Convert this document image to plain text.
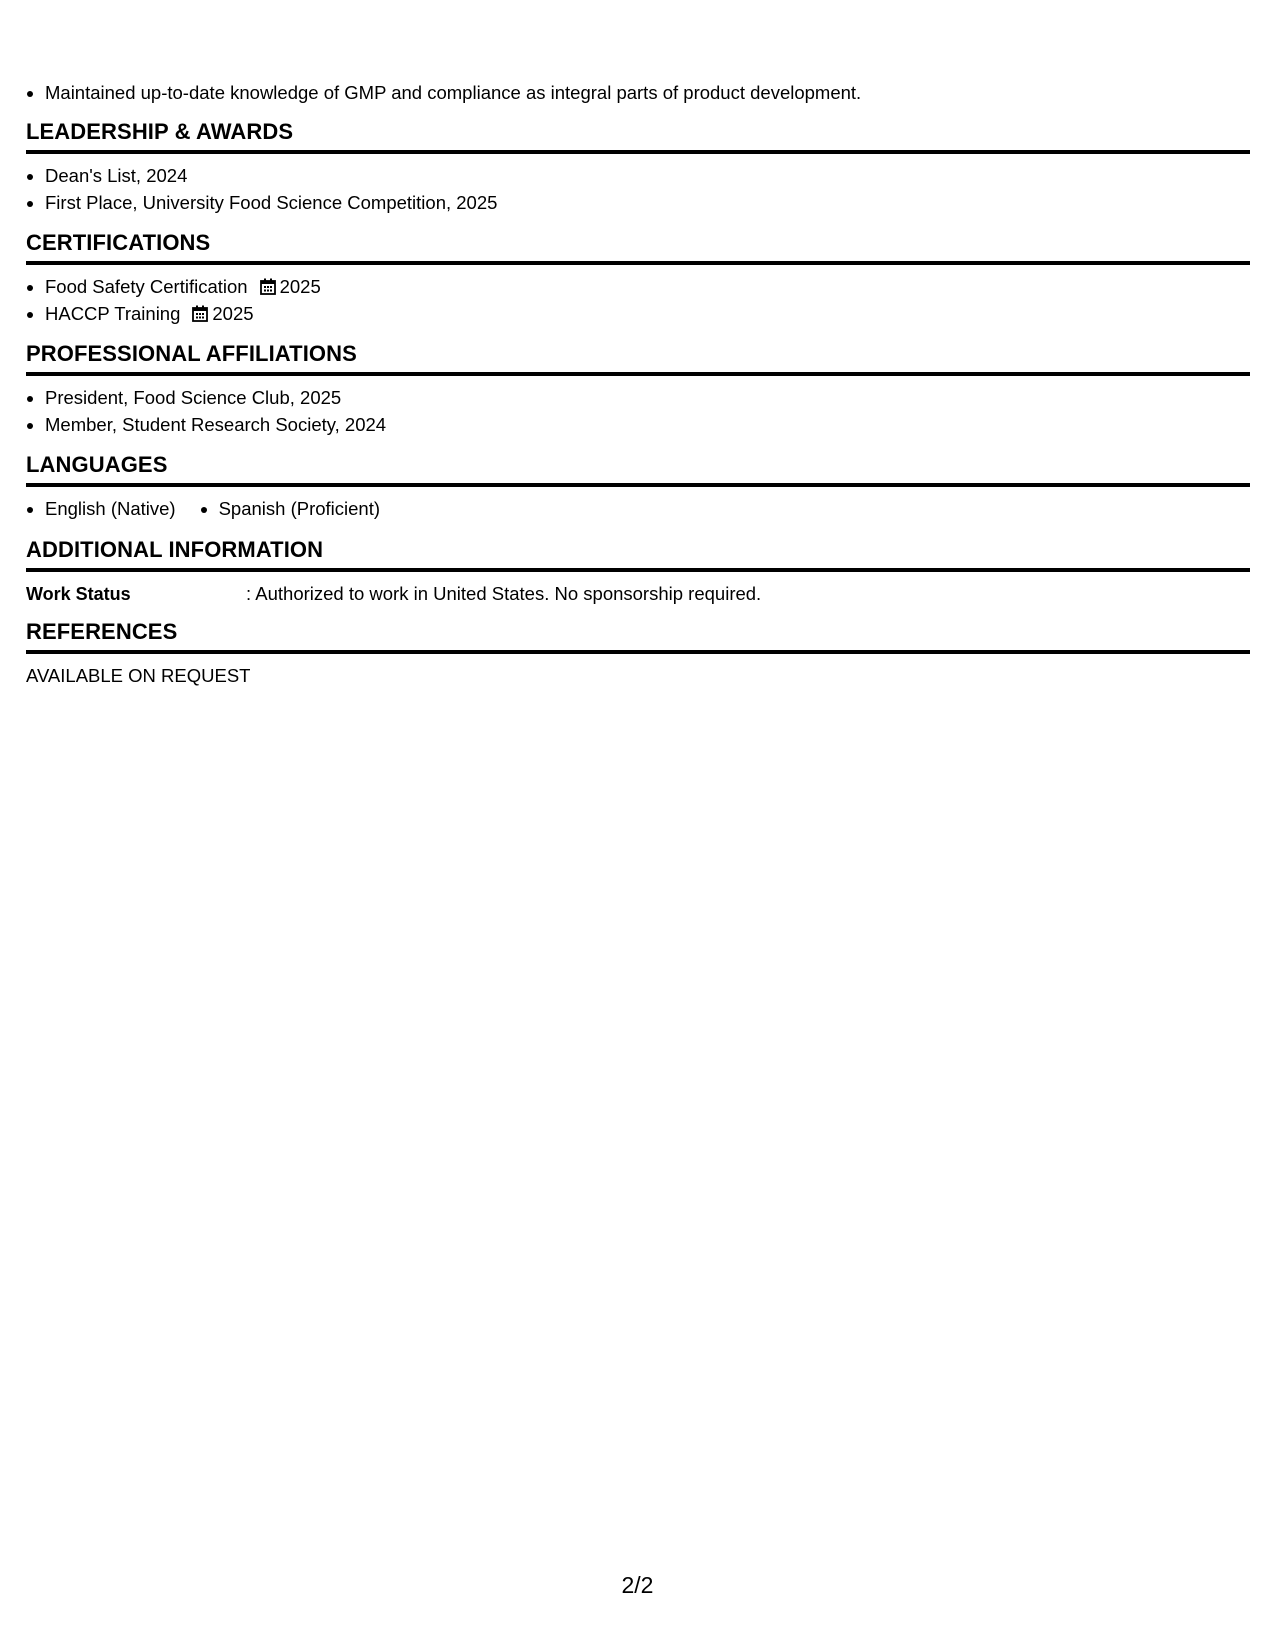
Maintained up-to-date knowledge of GMP and compliance as integral parts of product development.
LEADERSHIP & AWARDS
Dean's List, 2024
First Place, University Food Science Competition, 2025
CERTIFICATIONS
Food Safety Certification 2025
HACCP Training 2025
PROFESSIONAL AFFILIATIONS
President, Food Science Club, 2025
Member, Student Research Society, 2024
LANGUAGES
English (Native)	Spanish (Proficient)
ADDITIONAL INFORMATION
Work Status	: Authorized to work in United States. No sponsorship required.
REFERENCES
AVAILABLE ON REQUEST
2/2
